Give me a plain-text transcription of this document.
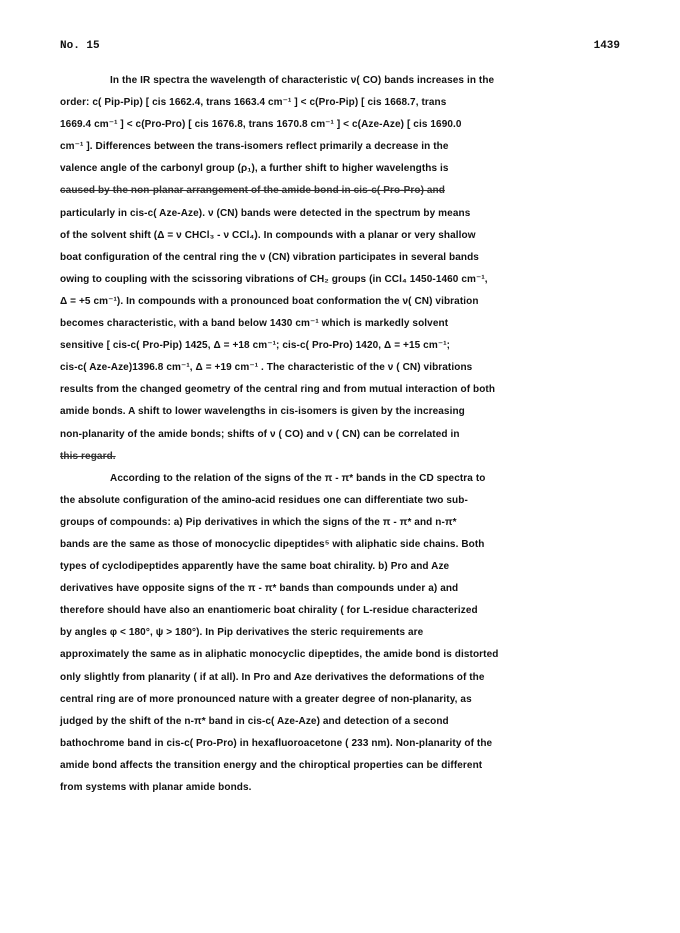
No. 15	1439

In the IR spectra the wavelength of characteristic ν( CO) bands increases in the
order: c( Pip-Pip) [ cis 1662.4, trans 1663.4 cm⁻¹ ] < c(Pro-Pip) [ cis 1668.7, trans
1669.4 cm⁻¹ ] < c(Pro-Pro) [ cis 1676.8, trans 1670.8 cm⁻¹ ] < c(Aze-Aze) [ cis 1690.0
cm⁻¹ ]. Differences between the trans-isomers reflect primarily a decrease in the
valence angle of the carbonyl group (ρ₁), a further shift to higher wavelengths is
caused by the non-planar arrangement of the amide bond in cis-c( Pro-Pro) and
particularly in cis-c( Aze-Aze). ν (CN) bands were detected in the spectrum by means
of the solvent shift (Δ = ν CHCl₃ - ν CCl₄). In compounds with a planar or very shallow
boat configuration of the central ring the ν (CN) vibration participates in several bands
owing to coupling with the scissoring vibrations of CH₂ groups (in CCl₄ 1450-1460 cm⁻¹,
Δ = +5 cm⁻¹). In compounds with a pronounced boat conformation the ν( CN) vibration
becomes characteristic, with a band below 1430 cm⁻¹ which is markedly solvent
sensitive [ cis-c( Pro-Pip) 1425, Δ = +18 cm⁻¹; cis-c( Pro-Pro) 1420, Δ = +15 cm⁻¹;
cis-c( Aze-Aze)1396.8 cm⁻¹, Δ = +19 cm⁻¹ . The characteristic of the ν ( CN) vibrations
results from the changed geometry of the central ring and from mutual interaction of both
amide bonds. A shift to lower wavelengths in cis-isomers is given by the increasing
non-planarity of the amide bonds; shifts of ν ( CO) and ν ( CN) can be correlated in
this regard.

According to the relation of the signs of the π - π* bands in the CD spectra to
the absolute configuration of the amino-acid residues one can differentiate two sub-
groups of compounds: a) Pip derivatives in which the signs of the π - π* and n-π*
bands are the same as those of monocyclic dipeptides⁵ with aliphatic side chains. Both
types of cyclodipeptides apparently have the same boat chirality. b) Pro and Aze
derivatives have opposite signs of the π - π* bands than compounds under a) and
therefore should have also an enantiomeric boat chirality ( for L-residue characterized
by angles φ < 180°, ψ > 180°). In Pip derivatives the steric requirements are
approximately the same as in aliphatic monocyclic dipeptides, the amide bond is distorted
only slightly from planarity ( if at all). In Pro and Aze derivatives the deformations of the
central ring are of more pronounced nature with a greater degree of non-planarity, as
judged by the shift of the n-π* band in cis-c( Aze-Aze) and detection of a second
bathochrome band in cis-c( Pro-Pro) in hexafluoroacetone ( 233 nm). Non-planarity of the
amide bond affects the transition energy and the chiroptical properties can be different
from systems with planar amide bonds.
